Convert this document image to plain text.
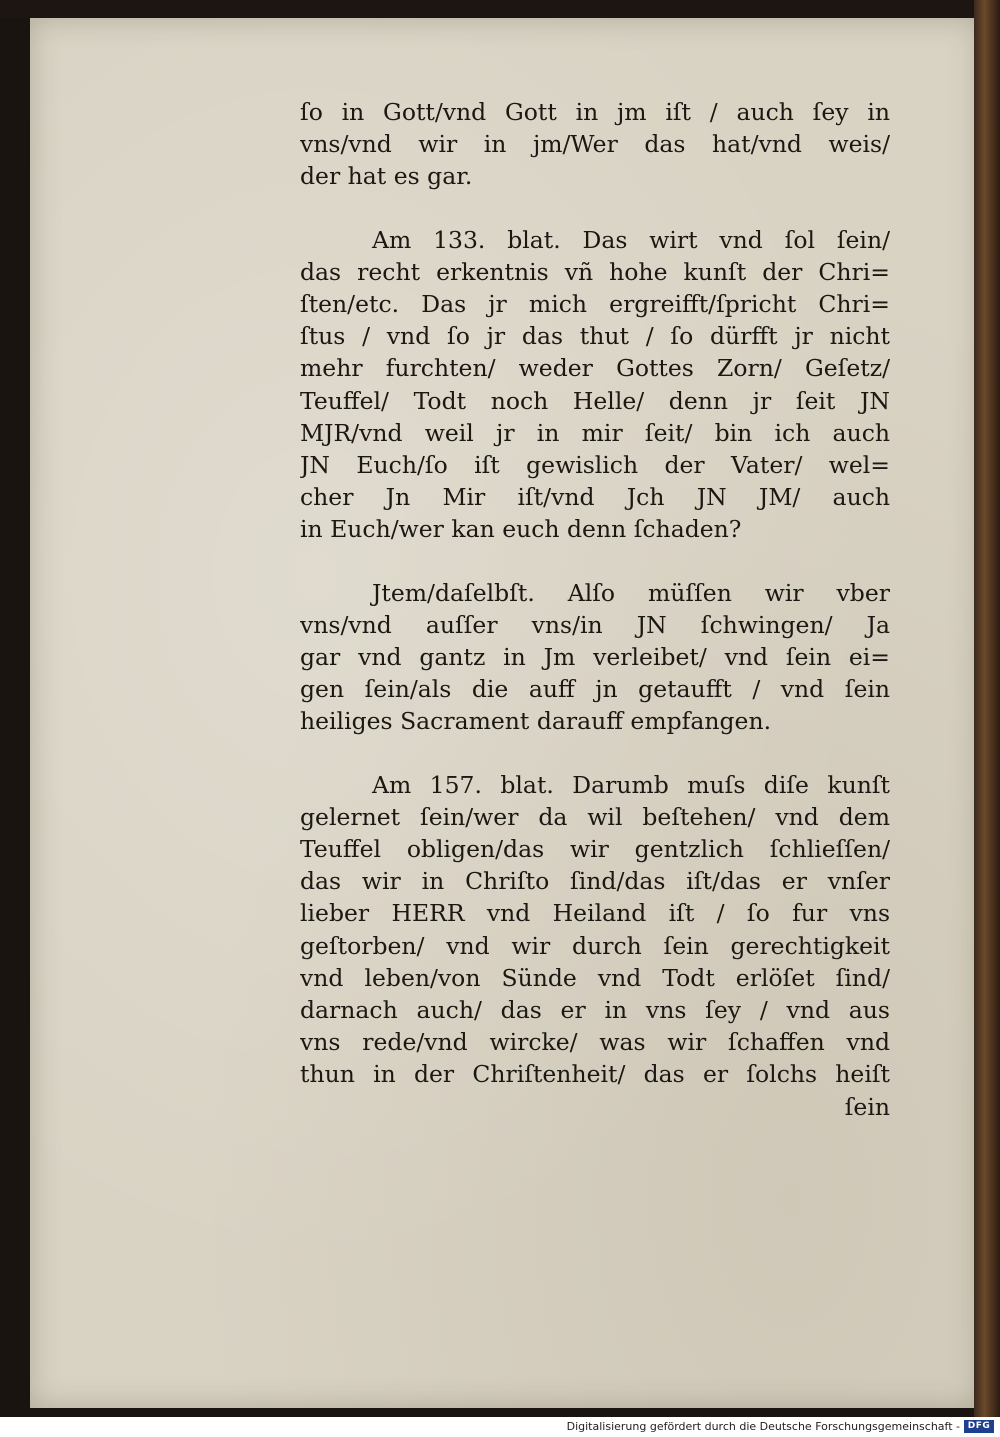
ſo in Gott/vnd Gott in jm iſt / auch ſey in
vns/vnd wir in jm/Wer das hat/vnd weis/
der hat es gar.
Am 133. blat. Das wirt vnd ſol ſein/
das recht erkentnis vñ hohe kunſt der Chri=
ſten/etc. Das jr mich ergreifft/ſpricht Chri=
ſtus / vnd ſo jr das thut / ſo dürfft jr nicht
mehr furchten/ weder Gottes Zorn/ Geſetz/
Teuffel/ Todt noch Helle/ denn jr ſeit JN
MJR/vnd weil jr in mir ſeit/ bin ich auch
JN Euch/ſo iſt gewislich der Vater/ wel=
cher Jn Mir iſt/vnd Jch JN JM/ auch
in Euch/wer kan euch denn ſchaden?
Jtem/daſelbſt. Alſo müſſen wir vber
vns/vnd auſſer vns/in JN ſchwingen/ Ja
gar vnd gantz in Jm verleibet/ vnd ſein ei=
gen ſein/als die auff jn getaufft / vnd ſein
heiliges Sacrament darauff empfangen.
Am 157. blat. Darumb muſs diſe kunſt
gelernet ſein/wer da wil beſtehen/ vnd dem
Teuffel obligen/das wir gentzlich ſchlieſſen/
das wir in Chriſto ſind/das iſt/das er vnſer
lieber HERR vnd Heiland iſt / ſo fur vns
geſtorben/ vnd wir durch ſein gerechtigkeit
vnd leben/von Sünde vnd Todt erlöſet ſind/
darnach auch/ das er in vns ſey / vnd aus
vns rede/vnd wircke/ was wir ſchaffen vnd
thun in der Chriſtenheit/ das er ſolchs heiſt
ſein
Digitalisierung gefördert durch die Deutsche Forschungsgemeinschaft - DFG
